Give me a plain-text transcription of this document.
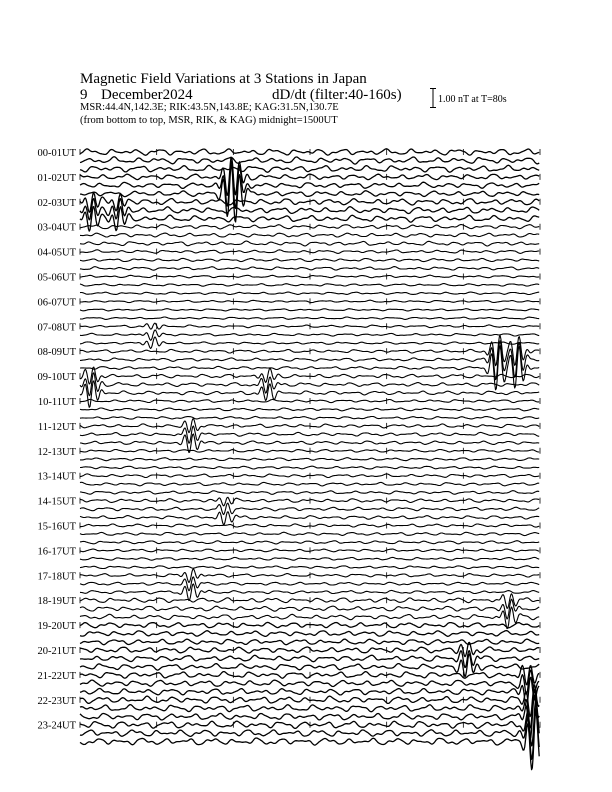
Magnetic Field Variations at 3 Stations in Japan
9 December2024	dD/dt (filter:40-160s)
MSR:44.4N,142.3E; RIK:43.5N,143.8E; KAG:31.5N,130.7E
(from bottom to top, MSR, RIK, & KAG) midnight=1500UT
1.00 nT at T=80s
00-01UT
01-02UT
02-03UT
03-04UT
04-05UT
05-06UT
06-07UT
07-08UT
08-09UT
09-10UT
10-11UT
11-12UT
12-13UT
13-14UT
14-15UT
15-16UT
16-17UT
17-18UT
18-19UT
19-20UT
20-21UT
21-22UT
22-23UT
23-24UT
